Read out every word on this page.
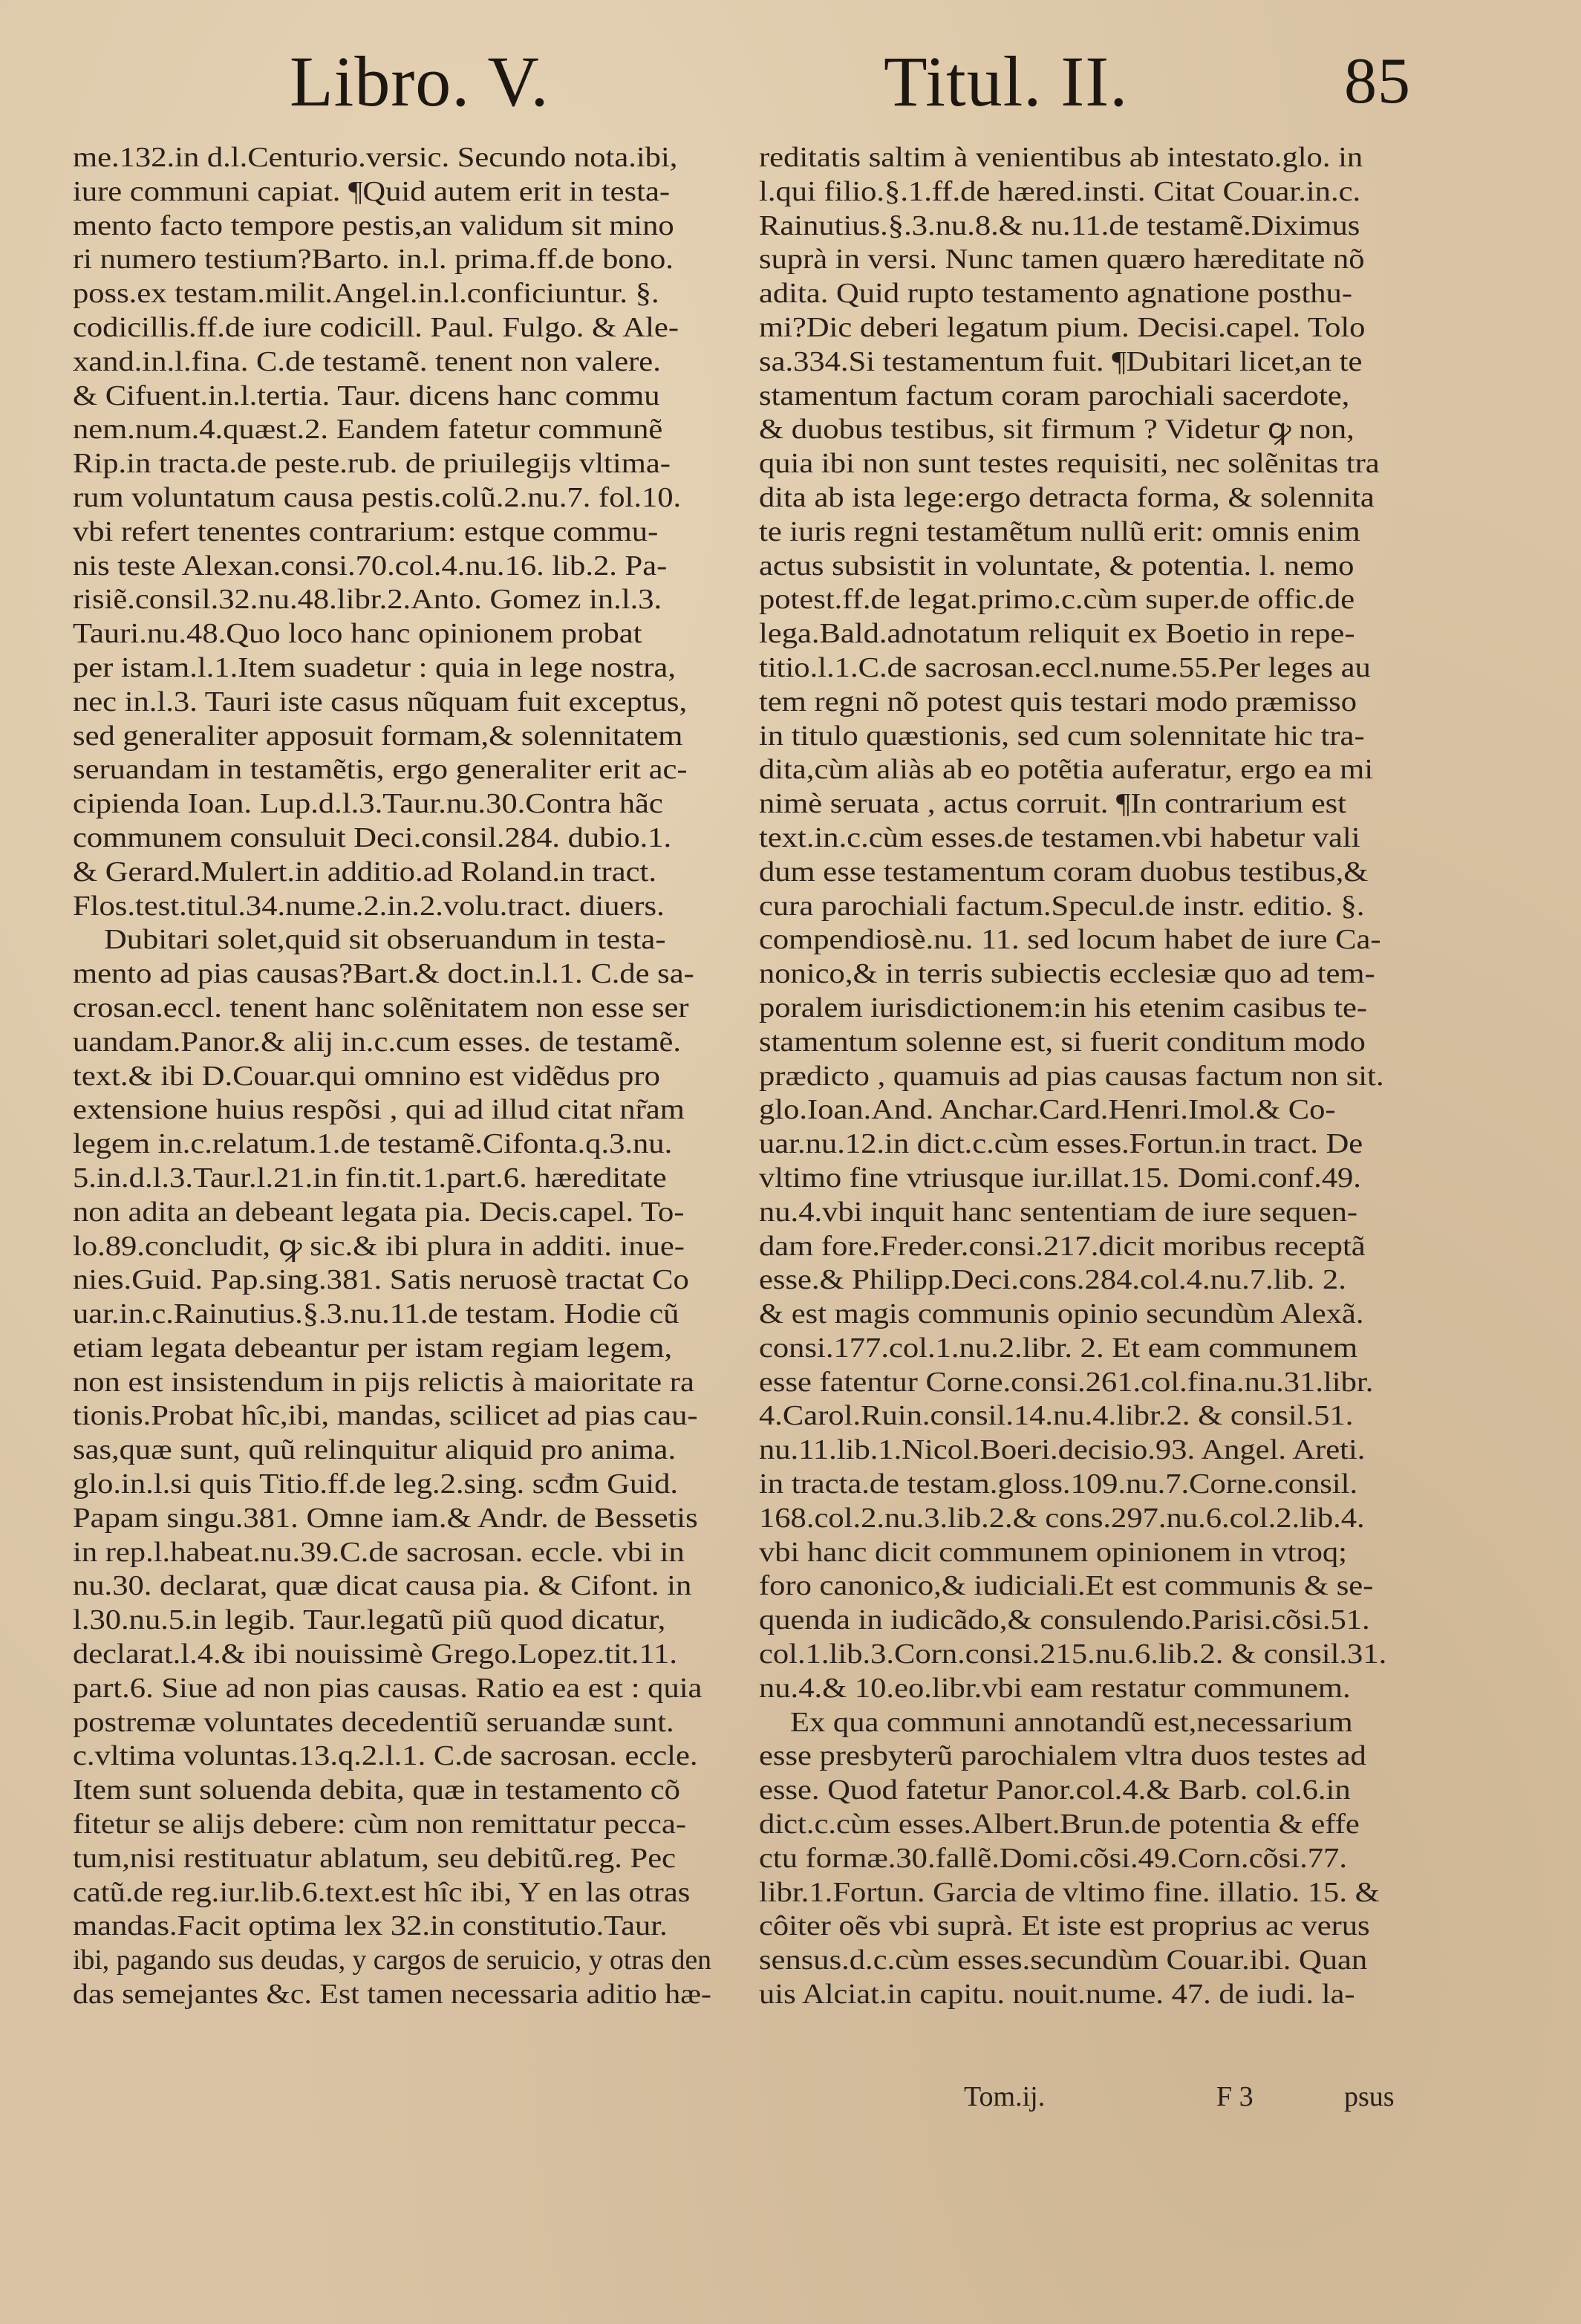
Libro. V.	Titul. II.	85
me.132.in d.l.Centurio.versic. Secundo nota.ibi,
iure communi capiat. ¶Quid autem erit in testa-
mento facto tempore pestis,an validum sit mino
ri numero testium?Barto. in.l. prima.ff.de bono.
poss.ex testam.milit.Angel.in.l.conficiuntur. §.
codicillis.ff.de iure codicill. Paul. Fulgo. & Ale-
xand.in.l.fina. C.de testamẽ. tenent non valere.
& Cifuent.in.l.tertia. Taur. dicens hanc commu
nem.num.4.quæst.2. Eandem fatetur communẽ
Rip.in tracta.de peste.rub. de priuilegijs vltima-
rum voluntatum causa pestis.colũ.2.nu.7. fol.10.
vbi refert tenentes contrarium: estque commu-
nis teste Alexan.consi.70.col.4.nu.16. lib.2. Pa-
risiẽ.consil.32.nu.48.libr.2.Anto. Gomez in.l.3.
Tauri.nu.48.Quo loco hanc opinionem probat
per istam.l.1.Item suadetur : quia in lege nostra,
nec in.l.3. Tauri iste casus nũquam fuit exceptus,
sed generaliter apposuit formam,& solennitatem
seruandam in testamẽtis, ergo generaliter erit ac-
cipienda Ioan. Lup.d.l.3.Taur.nu.30.Contra hãc
communem consuluit Deci.consil.284. dubio.1.
& Gerard.Mulert.in additio.ad Roland.in tract.
Flos.test.titul.34.nume.2.in.2.volu.tract. diuers.
Dubitari solet,quid sit obseruandum in testa-
mento ad pias causas?Bart.& doct.in.l.1. C.de sa-
crosan.eccl. tenent hanc solẽnitatem non esse ser
uandam.Panor.& alij in.c.cum esses. de testamẽ.
text.& ibi D.Couar.qui omnino est vidẽdus pro
extensione huius respõsi , qui ad illud citat nr̃am
legem in.c.relatum.1.de testamẽ.Cifonta.q.3.nu.
5.in.d.l.3.Taur.l.21.in fin.tit.1.part.6. hæreditate
non adita an debeant legata pia. Decis.capel. To-
lo.89.concludit, ꝙ sic.& ibi plura in additi. inue-
nies.Guid. Pap.sing.381. Satis neruosè tractat Co
uar.in.c.Rainutius.§.3.nu.11.de testam. Hodie cũ
etiam legata debeantur per istam regiam legem,
non est insistendum in pijs relictis à maioritate ra
tionis.Probat hîc,ibi, mandas, scilicet ad pias cau-
sas,quæ sunt, quũ relinquitur aliquid pro anima.
glo.in.l.si quis Titio.ff.de leg.2.sing. scđm Guid.
Papam singu.381. Omne iam.& Andr. de Bessetis
in rep.l.habeat.nu.39.C.de sacrosan. eccle. vbi in
nu.30. declarat, quæ dicat causa pia. & Cifont. in
l.30.nu.5.in legib. Taur.legatũ piũ quod dicatur,
declarat.l.4.& ibi nouissimè Grego.Lopez.tit.11.
part.6. Siue ad non pias causas. Ratio ea est : quia
postremæ voluntates decedentiũ seruandæ sunt.
c.vltima voluntas.13.q.2.l.1. C.de sacrosan. eccle.
Item sunt soluenda debita, quæ in testamento cõ
fitetur se alijs debere: cùm non remittatur pecca-
tum,nisi restituatur ablatum, seu debitũ.reg. Pec
catũ.de reg.iur.lib.6.text.est hîc ibi, Y en las otras
mandas.Facit optima lex 32.in constitutio.Taur.
ibi, pagando sus deudas, y cargos de seruicio, y otras den
das semejantes &c. Est tamen necessaria aditio hæ-
reditatis saltim à venientibus ab intestato.glo. in
l.qui filio.§.1.ff.de hæred.insti. Citat Couar.in.c.
Rainutius.§.3.nu.8.& nu.11.de testamẽ.Diximus
suprà in versi. Nunc tamen quæro hæreditate nõ
adita. Quid rupto testamento agnatione posthu-
mi?Dic deberi legatum pium. Decisi.capel. Tolo
sa.334.Si testamentum fuit. ¶Dubitari licet,an te
stamentum factum coram parochiali sacerdote,
& duobus testibus, sit firmum ? Videtur ꝙ non,
quia ibi non sunt testes requisiti, nec solẽnitas tra
dita ab ista lege:ergo detracta forma, & solennita
te iuris regni testamẽtum nullũ erit: omnis enim
actus subsistit in voluntate, & potentia. l. nemo
potest.ff.de legat.primo.c.cùm super.de offic.de
lega.Bald.adnotatum reliquit ex Boetio in repe-
titio.l.1.C.de sacrosan.eccl.nume.55.Per leges au
tem regni nõ potest quis testari modo præmisso
in titulo quæstionis, sed cum solennitate hic tra-
dita,cùm aliàs ab eo potẽtia auferatur, ergo ea mi
nimè seruata , actus corruit. ¶In contrarium est
text.in.c.cùm esses.de testamen.vbi habetur vali
dum esse testamentum coram duobus testibus,&
cura parochiali factum.Specul.de instr. editio. §.
compendiosè.nu. 11. sed locum habet de iure Ca-
nonico,& in terris subiectis ecclesiæ quo ad tem-
poralem iurisdictionem:in his etenim casibus te-
stamentum solenne est, si fuerit conditum modo
prædicto , quamuis ad pias causas factum non sit.
glo.Ioan.And. Anchar.Card.Henri.Imol.& Co-
uar.nu.12.in dict.c.cùm esses.Fortun.in tract. De
vltimo fine vtriusque iur.illat.15. Domi.conf.49.
nu.4.vbi inquit hanc sententiam de iure sequen-
dam fore.Freder.consi.217.dicit moribus receptã
esse.& Philipp.Deci.cons.284.col.4.nu.7.lib. 2.
& est magis communis opinio secundùm Alexã.
consi.177.col.1.nu.2.libr. 2. Et eam communem
esse fatentur Corne.consi.261.col.fina.nu.31.libr.
4.Carol.Ruin.consil.14.nu.4.libr.2. & consil.51.
nu.11.lib.1.Nicol.Boeri.decisio.93. Angel. Areti.
in tracta.de testam.gloss.109.nu.7.Corne.consil.
168.col.2.nu.3.lib.2.& cons.297.nu.6.col.2.lib.4.
vbi hanc dicit communem opinionem in vtroq;
foro canonico,& iudiciali.Et est communis & se-
quenda in iudicãdo,& consulendo.Parisi.cõsi.51.
col.1.lib.3.Corn.consi.215.nu.6.lib.2. & consil.31.
nu.4.& 10.eo.libr.vbi eam restatur communem.
Ex qua communi annotandũ est,necessarium
esse presbyterũ parochialem vltra duos testes ad
esse. Quod fatetur Panor.col.4.& Barb. col.6.in
dict.c.cùm esses.Albert.Brun.de potentia & effe
ctu formæ.30.fallẽ.Domi.cõsi.49.Corn.cõsi.77.
libr.1.Fortun. Garcia de vltimo fine. illatio. 15. &
côiter oẽs vbi suprà. Et iste est proprius ac verus
sensus.d.c.cùm esses.secundùm Couar.ibi. Quan
uis Alciat.in capitu. nouit.nume. 47. de iudi. la-
Tom.ij.	F 3	psus
